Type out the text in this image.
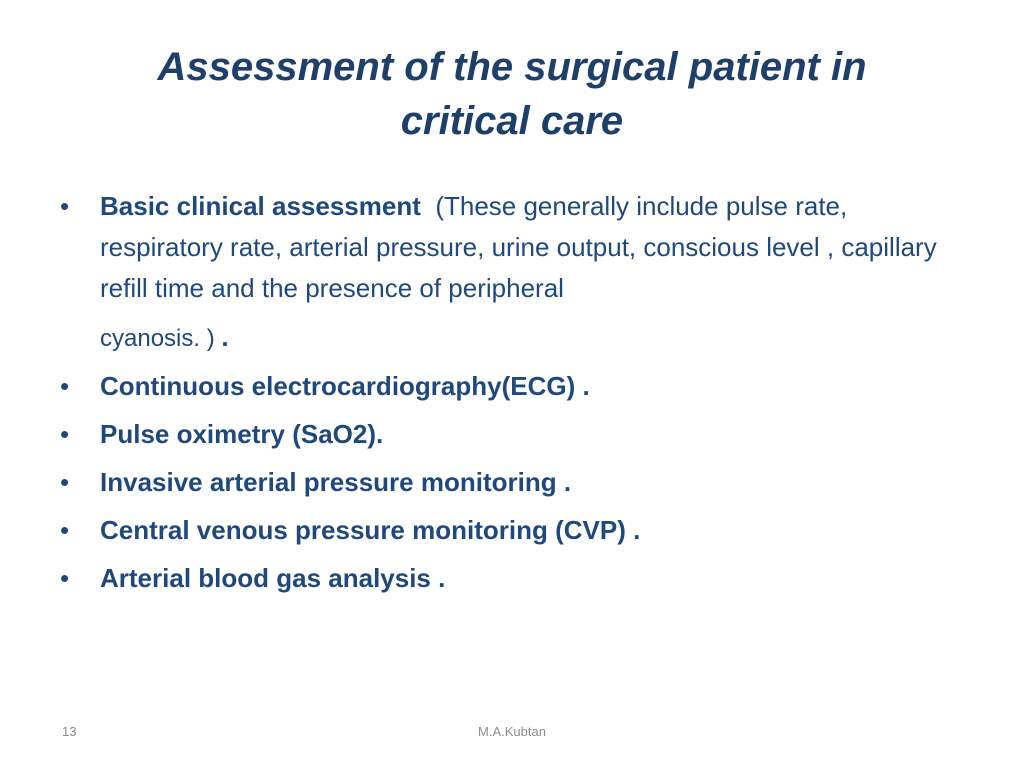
Assessment of the surgical patient in
critical care
•	Basic clinical assessment (These generally include pulse rate, respiratory rate, arterial pressure, urine output, conscious level , capillary refill time and the presence of peripheral
cyanosis. ) .
•	Continuous electrocardiography(ECG) .
•	Pulse oximetry (SaO2).
•	Invasive arterial pressure monitoring .
•	Central venous pressure monitoring (CVP) .
•	Arterial blood gas analysis .
13	M.A.Kubtan
